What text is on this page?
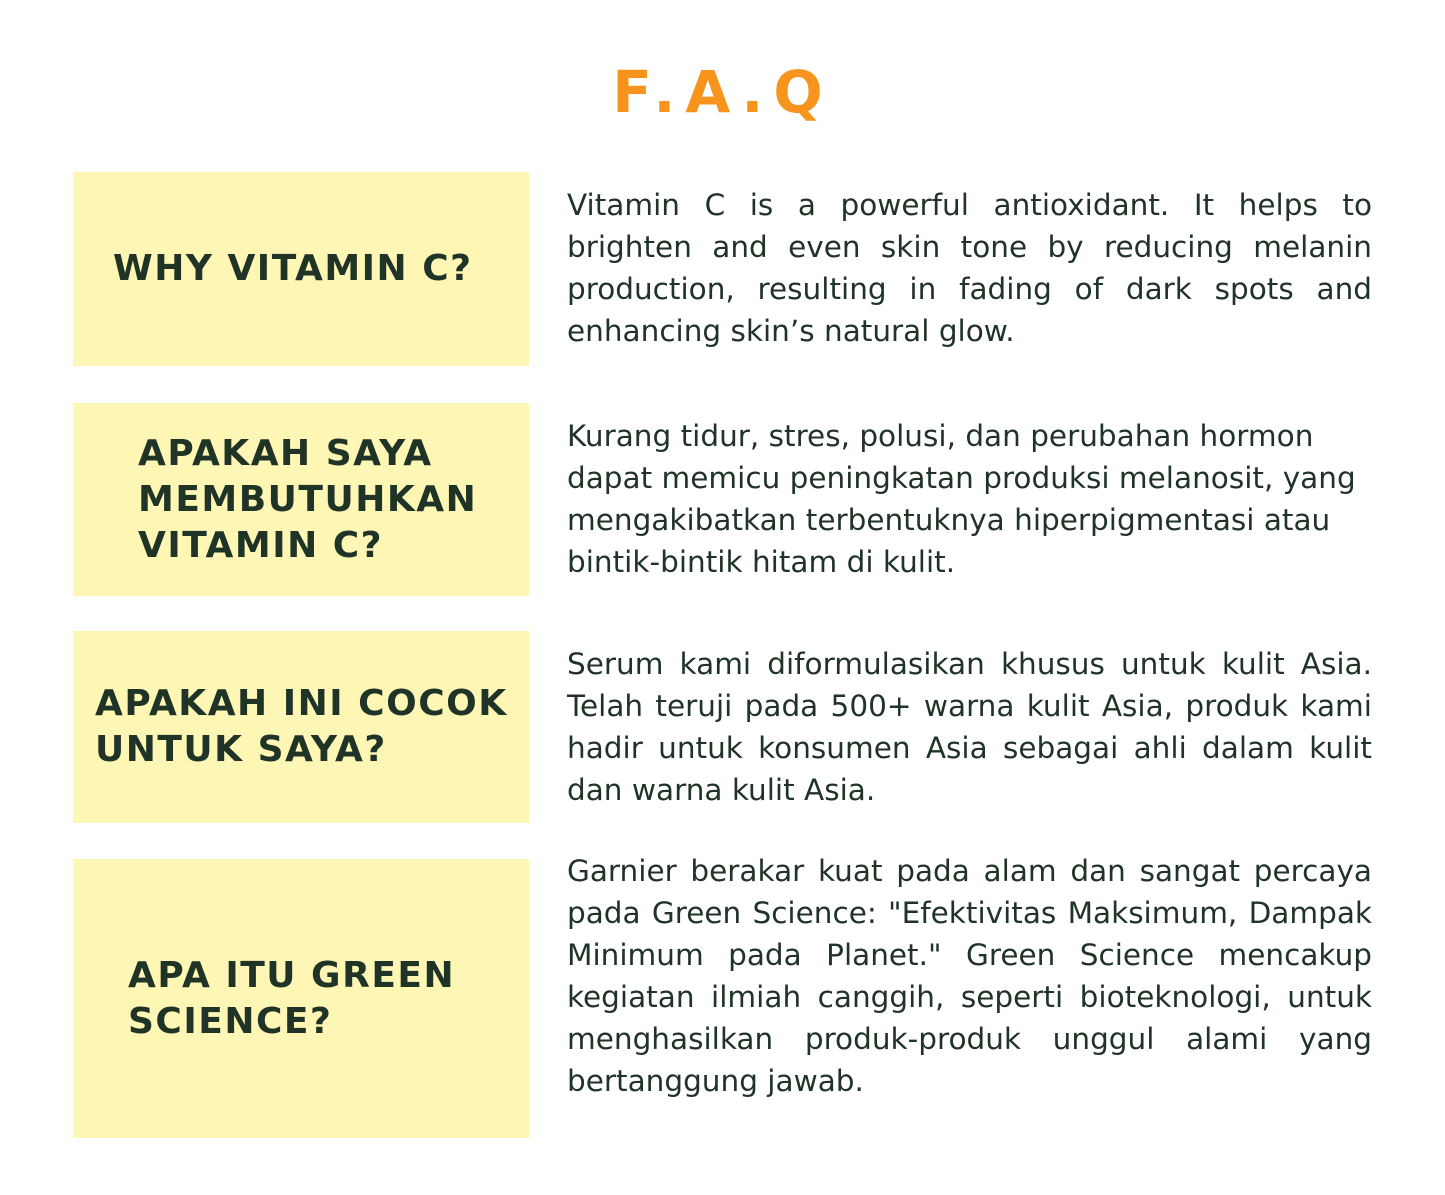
F.A.Q
WHY VITAMIN C?
Vitamin C is a powerful antioxidant. It helps to brighten and even skin tone by reducing melanin production, resulting in fading of dark spots and enhancing skin’s natural glow.
APAKAH SAYA MEMBUTUHKAN VITAMIN C?
Kurang tidur, stres, polusi, dan perubahan hormon dapat memicu peningkatan produksi melanosit, yang mengakibatkan terbentuknya hiperpigmentasi atau bintik-bintik hitam di kulit.
APAKAH INI COCOK UNTUK SAYA?
Serum kami diformulasikan khusus untuk kulit Asia. Telah teruji pada 500+ warna kulit Asia, produk kami hadir untuk konsumen Asia sebagai ahli dalam kulit dan warna kulit Asia.
APA ITU GREEN SCIENCE?
Garnier berakar kuat pada alam dan sangat percaya pada Green Science: "Efektivitas Maksimum, Dampak Minimum pada Planet." Green Science mencakup kegiatan ilmiah canggih, seperti bioteknologi, untuk menghasilkan produk-produk unggul alami yang bertanggung jawab.
